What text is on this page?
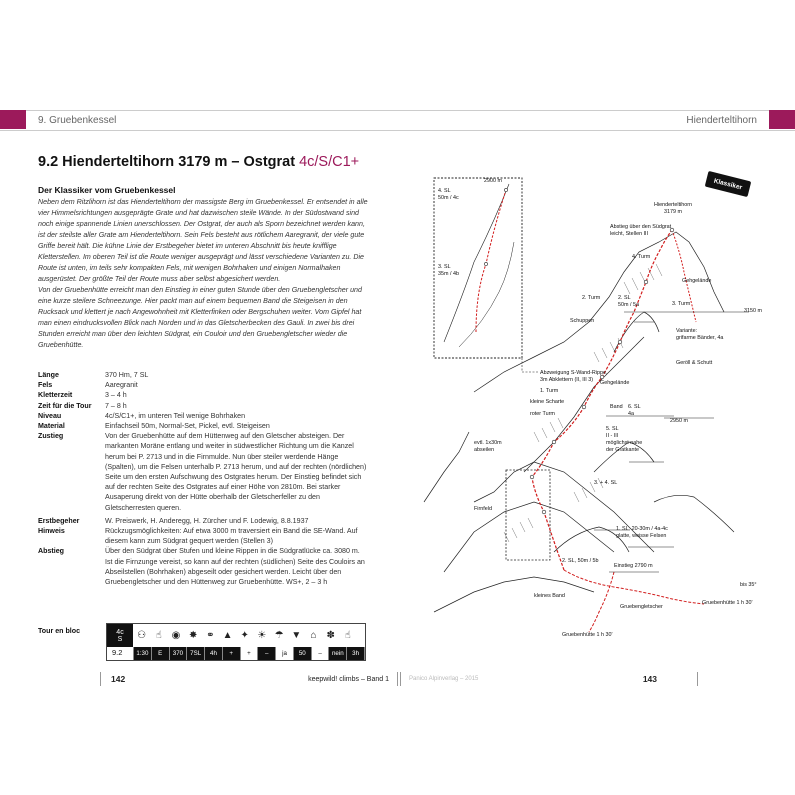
9. Gruebenkessel	Hienderteltihorn
9.2 Hienderteltihorn 3179 m – Ostgrat 4c/S/C1+
Der Klassiker vom Gruebenkessel

Neben dem Ritzlihorn ist das Hienderteltihorn der massigste Berg im Gruebenkessel. Er entsendet in alle vier Himmelsrichtungen ausgeprägte Grate und hat dazwischen steile Wände. In der Südostwand sind noch einige spannende Linien unerschlossen. Der Ostgrat, der auch als Sporn bezeichnet werden kann, ist der steilste aller Grate am Hienderteltihorn. Sein Fels besteht aus rötlichem Aaregranit, der viele gute Griffe bereit hält. Die kühne Linie der Erstbegeher bietet im unteren Abschnitt bis heute knifflige Kletterstellen. Im oberen Teil ist die Route weniger ausgeprägt und lässt verschiedene Varianten zu. Die Route ist unten, im teils sehr kompakten Fels, mit wenigen Bohrhaken und einigen Normalhaken ausgerüstet. Der größte Teil der Route muss aber selbst abgesichert werden.

Von der Gruebenhütte erreicht man den Einstieg in einer guten Stunde über den Gruebengletscher und eine kurze steilere Schneezunge. Hier packt man auf einem bequemen Band die Steigeisen in den Rucksack und klettert je nach Angewohnheit mit Kletterfinken oder Bergschuhen weiter. Vom Gipfel hat man einen eindrucksvollen Blick nach Norden und in das Gletscherbecken des Gauli. In zwei bis drei Stunden erreicht man über den leichten Südgrat, ein Couloir und den Gruebengletscher wieder die Gruebenhütte.

Länge	370 Hm, 7 SL
Fels	Aaregranit
Kletterzeit	3 – 4 h
Zeit für die Tour	7 – 8 h
Niveau	4c/S/C1+, im unteren Teil wenige Bohrhaken
Material	Einfachseil 50m, Normal-Set, Pickel, evtl. Steigeisen
Zustieg	Von der Gruebenhütte auf dem Hüttenweg auf den Gletscher absteigen. Der markanten Moräne entlang und weiter in südwestlicher Richtung um die Kanzel herum bei P. 2713 und in die Firnmulde. Nun über steiler werdende Hänge (Spalten), um die Felsen unterhalb P. 2713 herum, und auf der rechten (nördlichen) Seite um den ersten Aufschwung des Ostgrates herum. Der Einstieg befindet sich auf der rechten Seite des Ostgrates auf einer Höhe von 2810m. Bei starker Ausaperung direkt von der Hütte oberhalb der Gletscherfeller zu den Gletscherresten queren.
Erstbegeher	W. Preiswerk, H. Anderegg, H. Zürcher und F. Lodewig, 8.8.1937
Hinweis	Rückzugsmöglichkeiten: Auf etwa 3000 m traversiert ein Band die SE-Wand. Auf diesem kann zum Südgrat gequert werden (Stellen 3)
Abstieg	Über den Südgrat über Stufen und kleine Rippen in die Südgratlücke ca. 3080 m. Ist die Firnzunge vereist, so kann auf der rechten (südlichen) Seite des Couloirs an Abseilstellen (Bohrhaken) abgeseilt oder gesichert werden. Leicht über den Gruebengletscher und den Hüttenweg zur Gruebenhütte. WS+, 2 – 3 h
Tour en bloc	4c
S	⚇ ☝ ◉ ✸ ⚭ ▲ ✦ ☀ ☂ ▼ ⌂ ✽ ☝
1:30	E	370	7SL	4h	+	+	–	ja	50	–	nein	3h
9.2
142	keepwild! climbs – Band 1	Panico Alpinverlag – 2015	143
2900 m
4. SL
50m / 4c
3. SL
35m / 4b
Hienderteltihorn
3179 m
Abstieg über den Südgrat
leicht, Stellen III
4. Turm
Gehgelände
2. Turm	2. SL
50m / 5a
Schuppen
3. Turm
3150 m
Variante:
grifarme Bänder, 4a
Geröll & Schutt
Abzweigung S-Wand-Rippe,
3m Abklettern (II, III 3) Gehgelände
1. Turm
kleine Scharte
roter Turm
Band 6. SL
4a
2950 m
evtl. 1x30m
abseilen
5. SL
II - III
möglichst nahe
der Gratkante
3. + 4. SL
Firnfeld
1. SL, 20-30m / 4a-4c
glatte, weisse Felsen
2. SL, 50m / 5b
Einstieg 2790 m
kleines Band
bis 35°
Gruebenhütte 1 h 30'
Gruebengletscher
Gruebenhütte 1 h 30'
Klassiker
